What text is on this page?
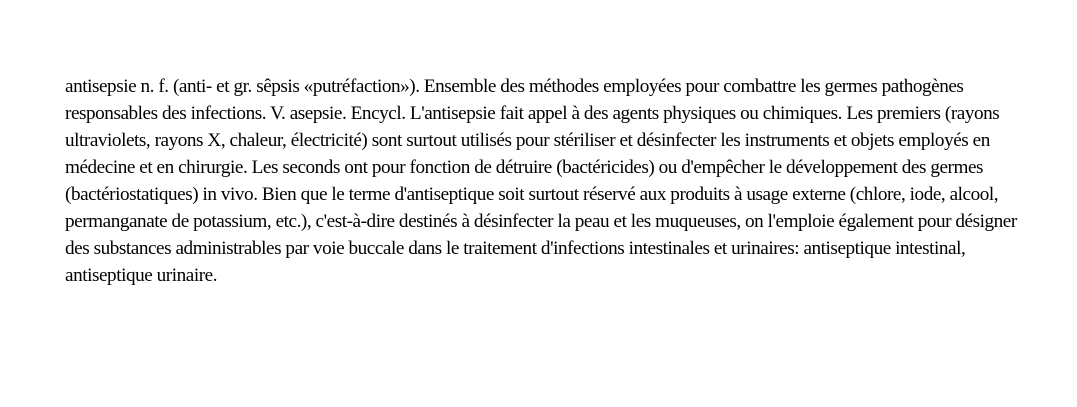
antisepsie n. f. (anti- et gr. sêpsis «putréfaction»). Ensemble des méthodes employées pour combattre les germes pathogènes responsables des infections. V. asepsie. Encycl. L'antisepsie fait appel à des agents physiques ou chimiques. Les premiers (rayons ultraviolets, rayons X, chaleur, électricité) sont surtout utilisés pour stériliser et désinfecter les instruments et objets employés en médecine et en chirurgie. Les seconds ont pour fonction de détruire (bactéricides) ou d'empêcher le développement des germes (bactériostatiques) in vivo. Bien que le terme d'antiseptique soit surtout réservé aux produits à usage externe (chlore, iode, alcool, permanganate de potassium, etc.), c'est-à-dire destinés à désinfecter la peau et les muqueuses, on l'emploie également pour désigner des substances administrables par voie buccale dans le traitement d'infections intestinales et urinaires: antiseptique intestinal, antiseptique urinaire.
